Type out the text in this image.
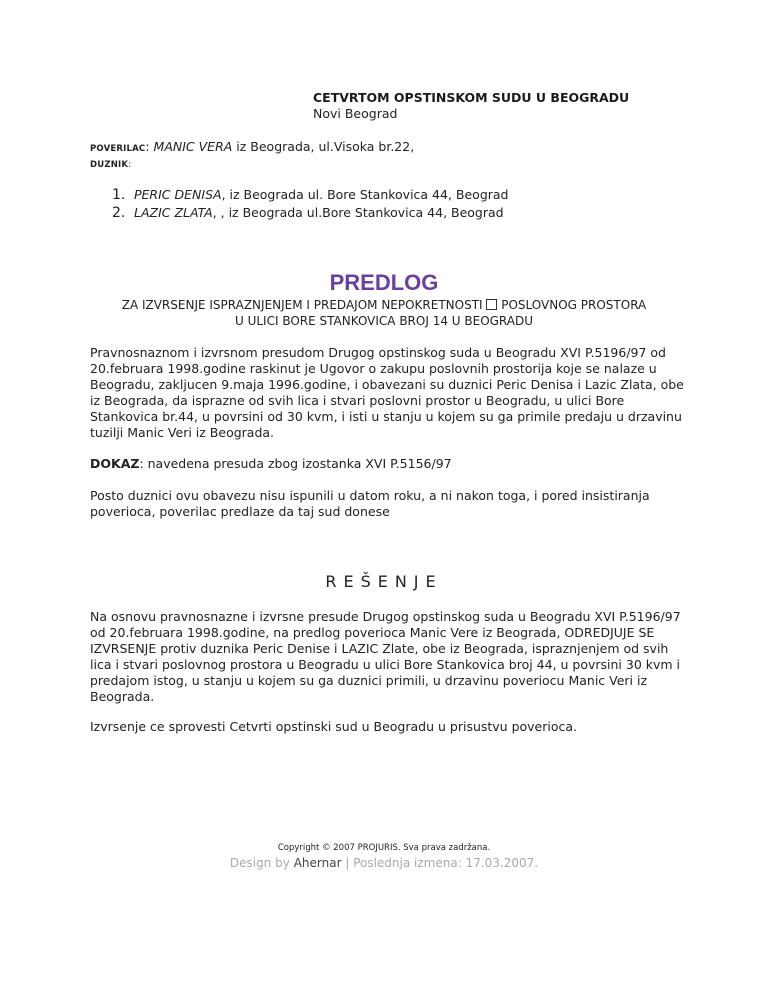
CETVRTOM OPSTINSKOM SUDU U BEOGRADU
Novi Beograd
POVERILAC: MANIC VERA iz Beograda, ul.Visoka br.22,
DUZNIK:
1. PERIC DENISA, iz Beograda ul. Bore Stankovica 44, Beograd
2. LAZIC ZLATA, , iz Beograda ul.Bore Stankovica 44, Beograd
PREDLOG
ZA IZVRSENJE ISPRAZNJENJEM I PREDAJOM NEPOKRETNOSTI POSLOVNOG PROSTORA
U ULICI BORE STANKOVICA BROJ 14 U BEOGRADU

Pravnosnaznom i izvrsnom presudom Drugog opstinskog suda u Beogradu XVI P.5196/97 od 20.februara 1998.godine raskinut je Ugovor o zakupu poslovnih prostorija koje se nalaze u Beogradu, zakljucen 9.maja 1996.godine, i obavezani su duznici Peric Denisa i Lazic Zlata, obe iz Beograda, da isprazne od svih lica i stvari poslovni prostor u Beogradu, u ulici Bore Stankovica br.44, u povrsini od 30 kvm, i isti u stanju u kojem su ga primile predaju u drzavinu tuzilji Manic Veri iz Beograda.

DOKAZ: navedena presuda zbog izostanka XVI P.5156/97

Posto duznici ovu obavezu nisu ispunili u datom roku, a ni nakon toga, i pored insistiranja poverioca, poverilac predlaze da taj sud donese

REŠENJE

Na osnovu pravnosnazne i izvrsne presude Drugog opstinskog suda u Beogradu XVI P.5196/97 od 20.februara 1998.godine, na predlog poverioca Manic Vere iz Beograda, ODREDJUJE SE IZVRSENJE protiv duznika Peric Denise i LAZIC Zlate, obe iz Beograda, ispraznjenjem od svih lica i stvari poslovnog prostora u Beogradu u ulici Bore Stankovica broj 44, u povrsini 30 kvm i predajom istog, u stanju u kojem su ga duznici primili, u drzavinu poveriocu Manic Veri iz Beograda.

Izvrsenje ce sprovesti Cetvrti opstinski sud u Beogradu u prisustvu poverioca.

Copyright © 2007 PROJURIS. Sva prava zadržana.
Design by Ahernar | Poslednja izmena: 17.03.2007.
